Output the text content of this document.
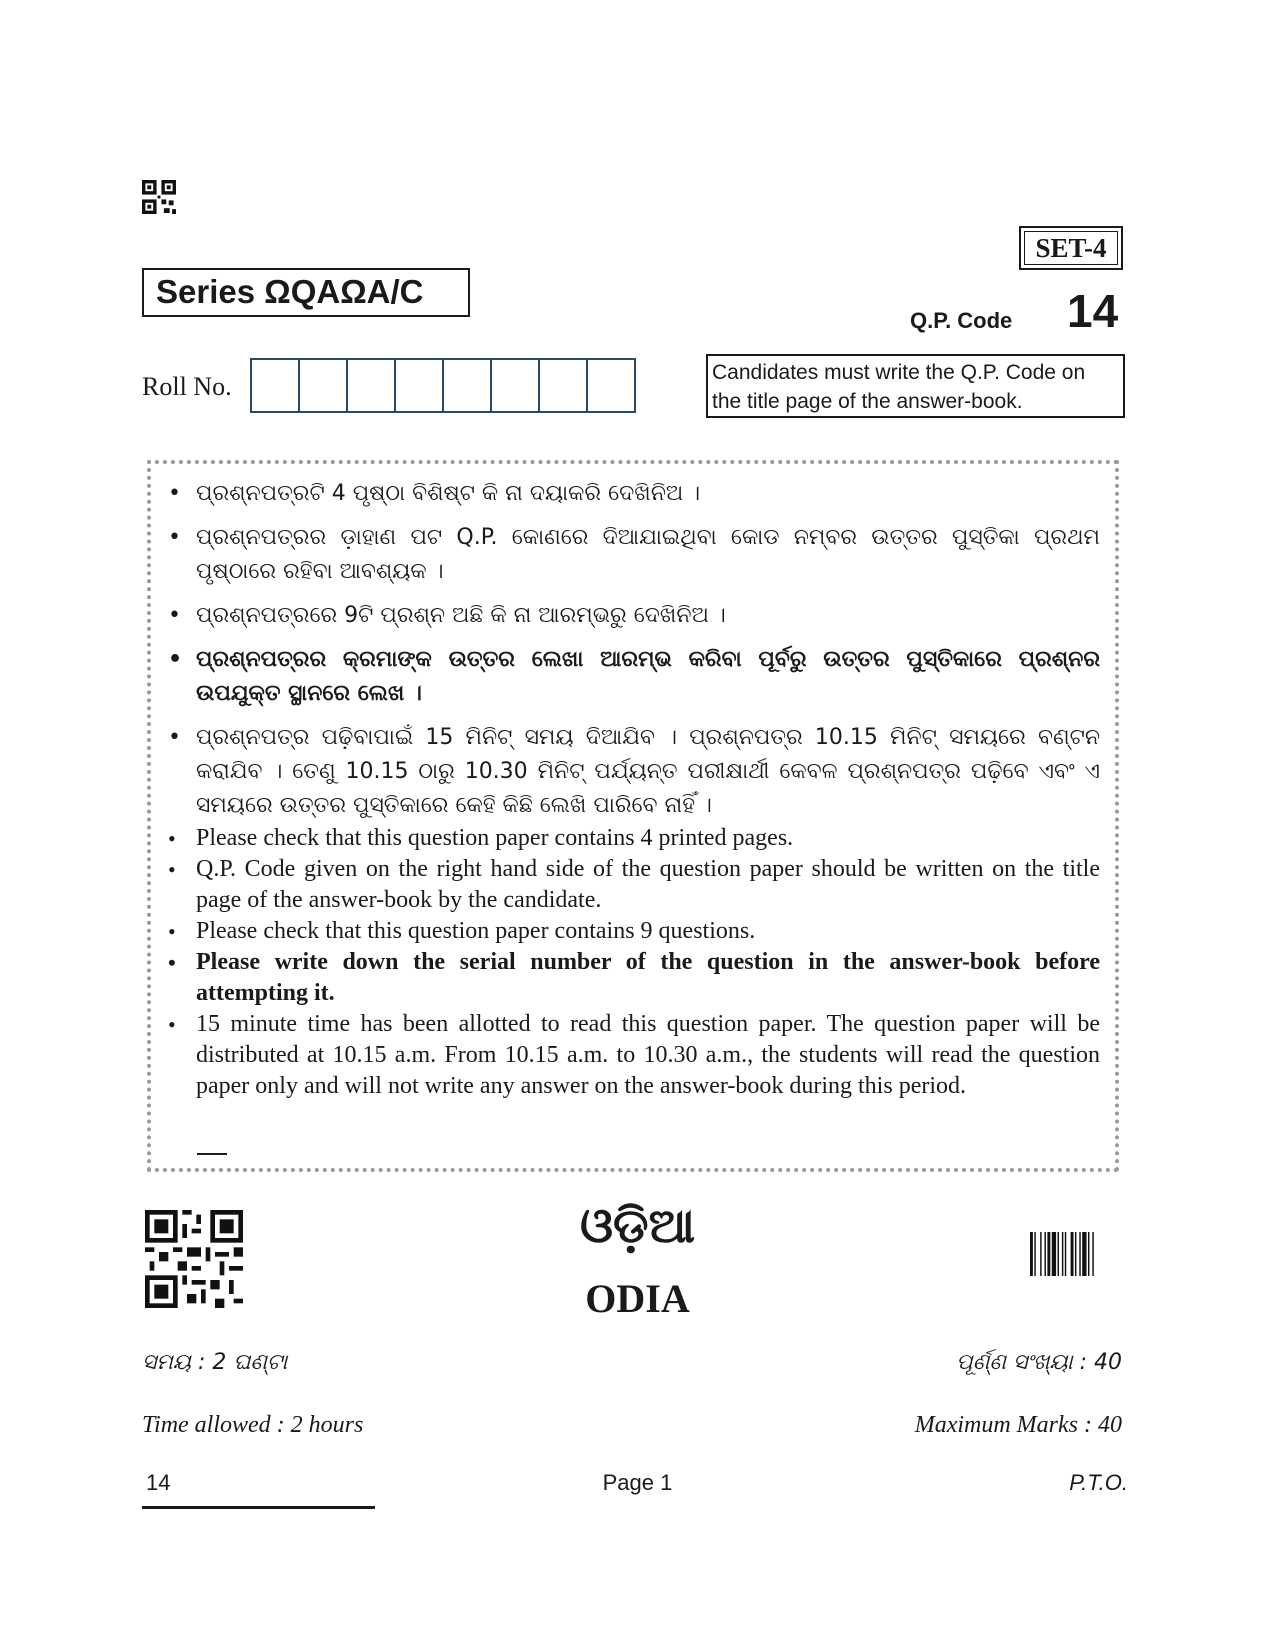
SET-4
Series ΩQAΩA/C
Q.P. Code 14
Roll No.	Candidates must write the Q.P. Code on the title page of the answer-book.
• ପ୍ରଶ୍ନପତ୍ରଟି 4 ପୃଷ୍ଠା ବିଶିଷ୍ଟ କି ନା ଦୟାକରି ଦେଖିନିଅ ।
• ପ୍ରଶ୍ନପତ୍ରର ଡ଼ାହାଣ ପଟ Q.P. କୋଣରେ ଦିଆଯାଇଥିବା କୋଡ ନମ୍ବର ଉତ୍ତର ପୁସ୍ତିକା ପ୍ରଥମ ପୃଷ୍ଠାରେ ରହିବା ଆବଶ୍ୟକ ।
• ପ୍ରଶ୍ନପତ୍ରରେ 9ଟି ପ୍ରଶ୍ନ ଅଛି କି ନା ଆରମ୍ଭରୁ ଦେଖିନିଅ ।
• ପ୍ରଶ୍ନପତ୍ରର କ୍ରମାଙ୍କ ଉତ୍ତର ଲେଖା ଆରମ୍ଭ କରିବା ପୂର୍ବରୁ ଉତ୍ତର ପୁସ୍ତିକାରେ ପ୍ରଶ୍ନର ଉପଯୁକ୍ତ ସ୍ଥାନରେ ଲେଖ ।
• ପ୍ରଶ୍ନପତ୍ର ପଢ଼ିବାପାଇଁ 15 ମିନିଟ୍ ସମୟ ଦିଆଯିବ । ପ୍ରଶ୍ନପତ୍ର 10.15 ମିନିଟ୍ ସମୟରେ ବଣ୍ଟନ କରାଯିବ । ତେଣୁ 10.15 ଠାରୁ 10.30 ମିନିଟ୍ ପର୍ଯ୍ୟନ୍ତ ପରୀକ୍ଷାର୍ଥୀ କେବଳ ପ୍ରଶ୍ନପତ୍ର ପଢ଼ିବେ ଏବଂ ଏ ସମୟରେ ଉତ୍ତର ପୁସ୍ତିକାରେ କେହି କିଛି ଲେଖି ପାରିବେ ନାହିଁ ।
• Please check that this question paper contains 4 printed pages.
• Q.P. Code given on the right hand side of the question paper should be written on the title page of the answer-book by the candidate.
• Please check that this question paper contains 9 questions.
• Please write down the serial number of the question in the answer-book before attempting it.
• 15 minute time has been allotted to read this question paper. The question paper will be distributed at 10.15 a.m. From 10.15 a.m. to 10.30 a.m., the students will read the question paper only and will not write any answer on the answer-book during this period.
ଓଡ଼ିଆ
ODIA
ସମୟ : 2 ଘଣ୍ଟା	ପୂର୍ଣ୍ଣ ସଂଖ୍ୟା : 40
Time allowed : 2 hours	Maximum Marks : 40
14	Page 1	P.T.O.
